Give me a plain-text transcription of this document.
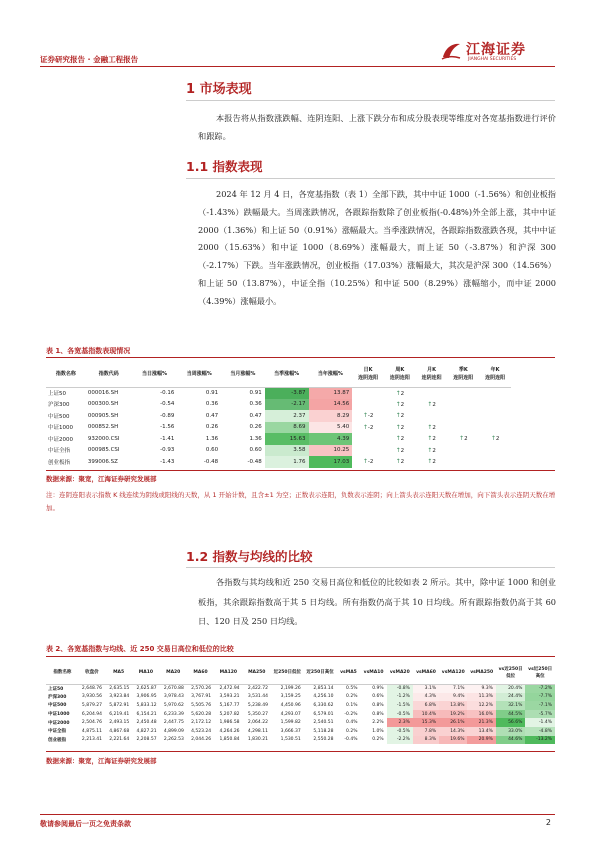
证券研究报告 · 金融工程报告
江海证券
JIANGHAI SECURITIES
1 市场表现
本报告将从指数涨跌幅、连阴连阳、上涨下跌分布和成分股表现等维度对各宽基指数进行评价和跟踪。
1.1 指数表现
2024 年 12 月 4 日，各宽基指数（表 1）全部下跌，其中中证 1000（-1.56%）和创业板指（-1.43%）跌幅最大。当周涨跌情况，各跟踪指数除了创业板指(-0.48%)外全部上涨，其中中证 2000（1.36%）和上证 50（0.91%）涨幅最大。当季涨跌情况，各跟踪指数涨跌各现，其中中证 2000（15.63%）和中证 1000（8.69%）涨幅最大，而上证 50（-3.87%）和沪深 300（-2.17%）下跌。当年涨跌情况，创业板指（17.03%）涨幅最大，其次是沪深 300（14.56%）和上证 50（13.87%），中证全指（10.25%）和中证 500（8.29%）涨幅缩小，而中证 2000（4.39%）涨幅最小。
表 1、各宽基指数表现情况
指数名称	指数代码	当日涨幅%	当周涨幅%	当月涨幅%	当季涨幅%	当年涨幅%	日K
连阴连阳	周K
连阴连阳	月K
连阴连阳	季K
连阴连阳	年K
连阴连阳
上证50	000016.SH	-0.16	0.91	0.91	-3.87	13.87		↑2			
沪深300	000300.SH	-0.54	0.36	0.36	-2.17	14.56		↑2	↑2		
中证500	000905.SH	-0.89	0.47	0.47	2.37	8.29	↑-2	↑2			
中证1000	000852.SH	-1.56	0.26	0.26	8.69	5.40	↑-2	↑2	↑2		
中证2000	932000.CSI	-1.41	1.36	1.36	15.63	4.39		↑2	↑2	↑2	↑2
中证全指	000985.CSI	-0.93	0.60	0.60	3.58	10.25		↑2	↑2		
创业板指	399006.SZ	-1.43	-0.48	-0.48	1.76	17.03	↑-2	↑2	↑2		
数据来源：聚宽，江海证券研究发展部
注：连阴连阳表示指数 K 线连续为阴线或阳线的天数，从 1 开始计数，且含±1 为空；正数表示连阳，负数表示连阴；向上箭头表示连阳天数在增加，向下箭头表示连阴天数在增加。
1.2 指数与均线的比较
各指数与其均线和近 250 交易日高位和低位的比较如表 2 所示。其中，除中证 1000 和创业板指，其余跟踪指数高于其 5 日均线。所有指数仍高于其 10 日均线。所有跟踪指数仍高于其 60 日、120 日及 250 日均线。
表 2、各宽基指数与均线、近 250 交易日高位和低位的比较
指数名称	收盘价	MA5	MA10	MA20	MA60	MA120	MA250	近250日低位	近250日高位	vsMA5	vsMA10	vsMA20	vsMA60	vsMA120	vsMA250	vs近250日
低位	vs近250日
高位
上证50	2,648.76	2,635.15	2,625.87	2,670.88	2,570.26	2,472.94	2,422.72	2,199.26	2,853.14	0.5%	0.9%	-0.8%	3.1%	7.1%	9.3%	20.4%	-7.2%
沪深300	3,930.56	3,923.84	3,906.95	3,978.43	3,767.91	3,593.21	3,531.44	3,159.25	4,256.10	0.2%	0.6%	-1.2%	4.3%	9.4%	11.3%	24.4%	-7.7%
中证500	5,879.27	5,872.91	5,833.12	5,970.62	5,505.76	5,167.77	5,238.49	4,450.96	6,330.62	0.1%	0.8%	-1.5%	6.8%	13.8%	12.2%	32.1%	-7.1%
中证1000	6,204.94	6,219.41	6,154.21	6,233.39	5,620.28	5,207.82	5,350.27	4,293.07	6,579.01	-0.2%	0.8%	-0.5%	10.4%	19.2%	16.0%	44.5%	-5.7%
中证2000	2,504.76	2,493.15	2,450.48	2,447.75	2,172.12	1,986.58	2,064.22	1,599.82	2,540.51	0.4%	2.2%	2.3%	15.3%	26.1%	21.3%	56.6%	-1.4%
中证全指	4,875.11	4,867.68	4,827.21	4,899.09	4,523.24	4,264.26	4,298.11	3,666.37	5,118.28	0.2%	1.0%	-0.5%	7.8%	14.3%	13.4%	33.0%	-4.8%
创业板指	2,213.41	2,221.64	2,208.57	2,262.53	2,044.26	1,850.84	1,830.21	1,530.51	2,550.28	-0.4%	0.2%	-2.2%	8.3%	19.6%	20.9%	44.6%	-13.2%
数据来源：聚宽，江海证券研究发展部
敬请参阅最后一页之免责条款	2
